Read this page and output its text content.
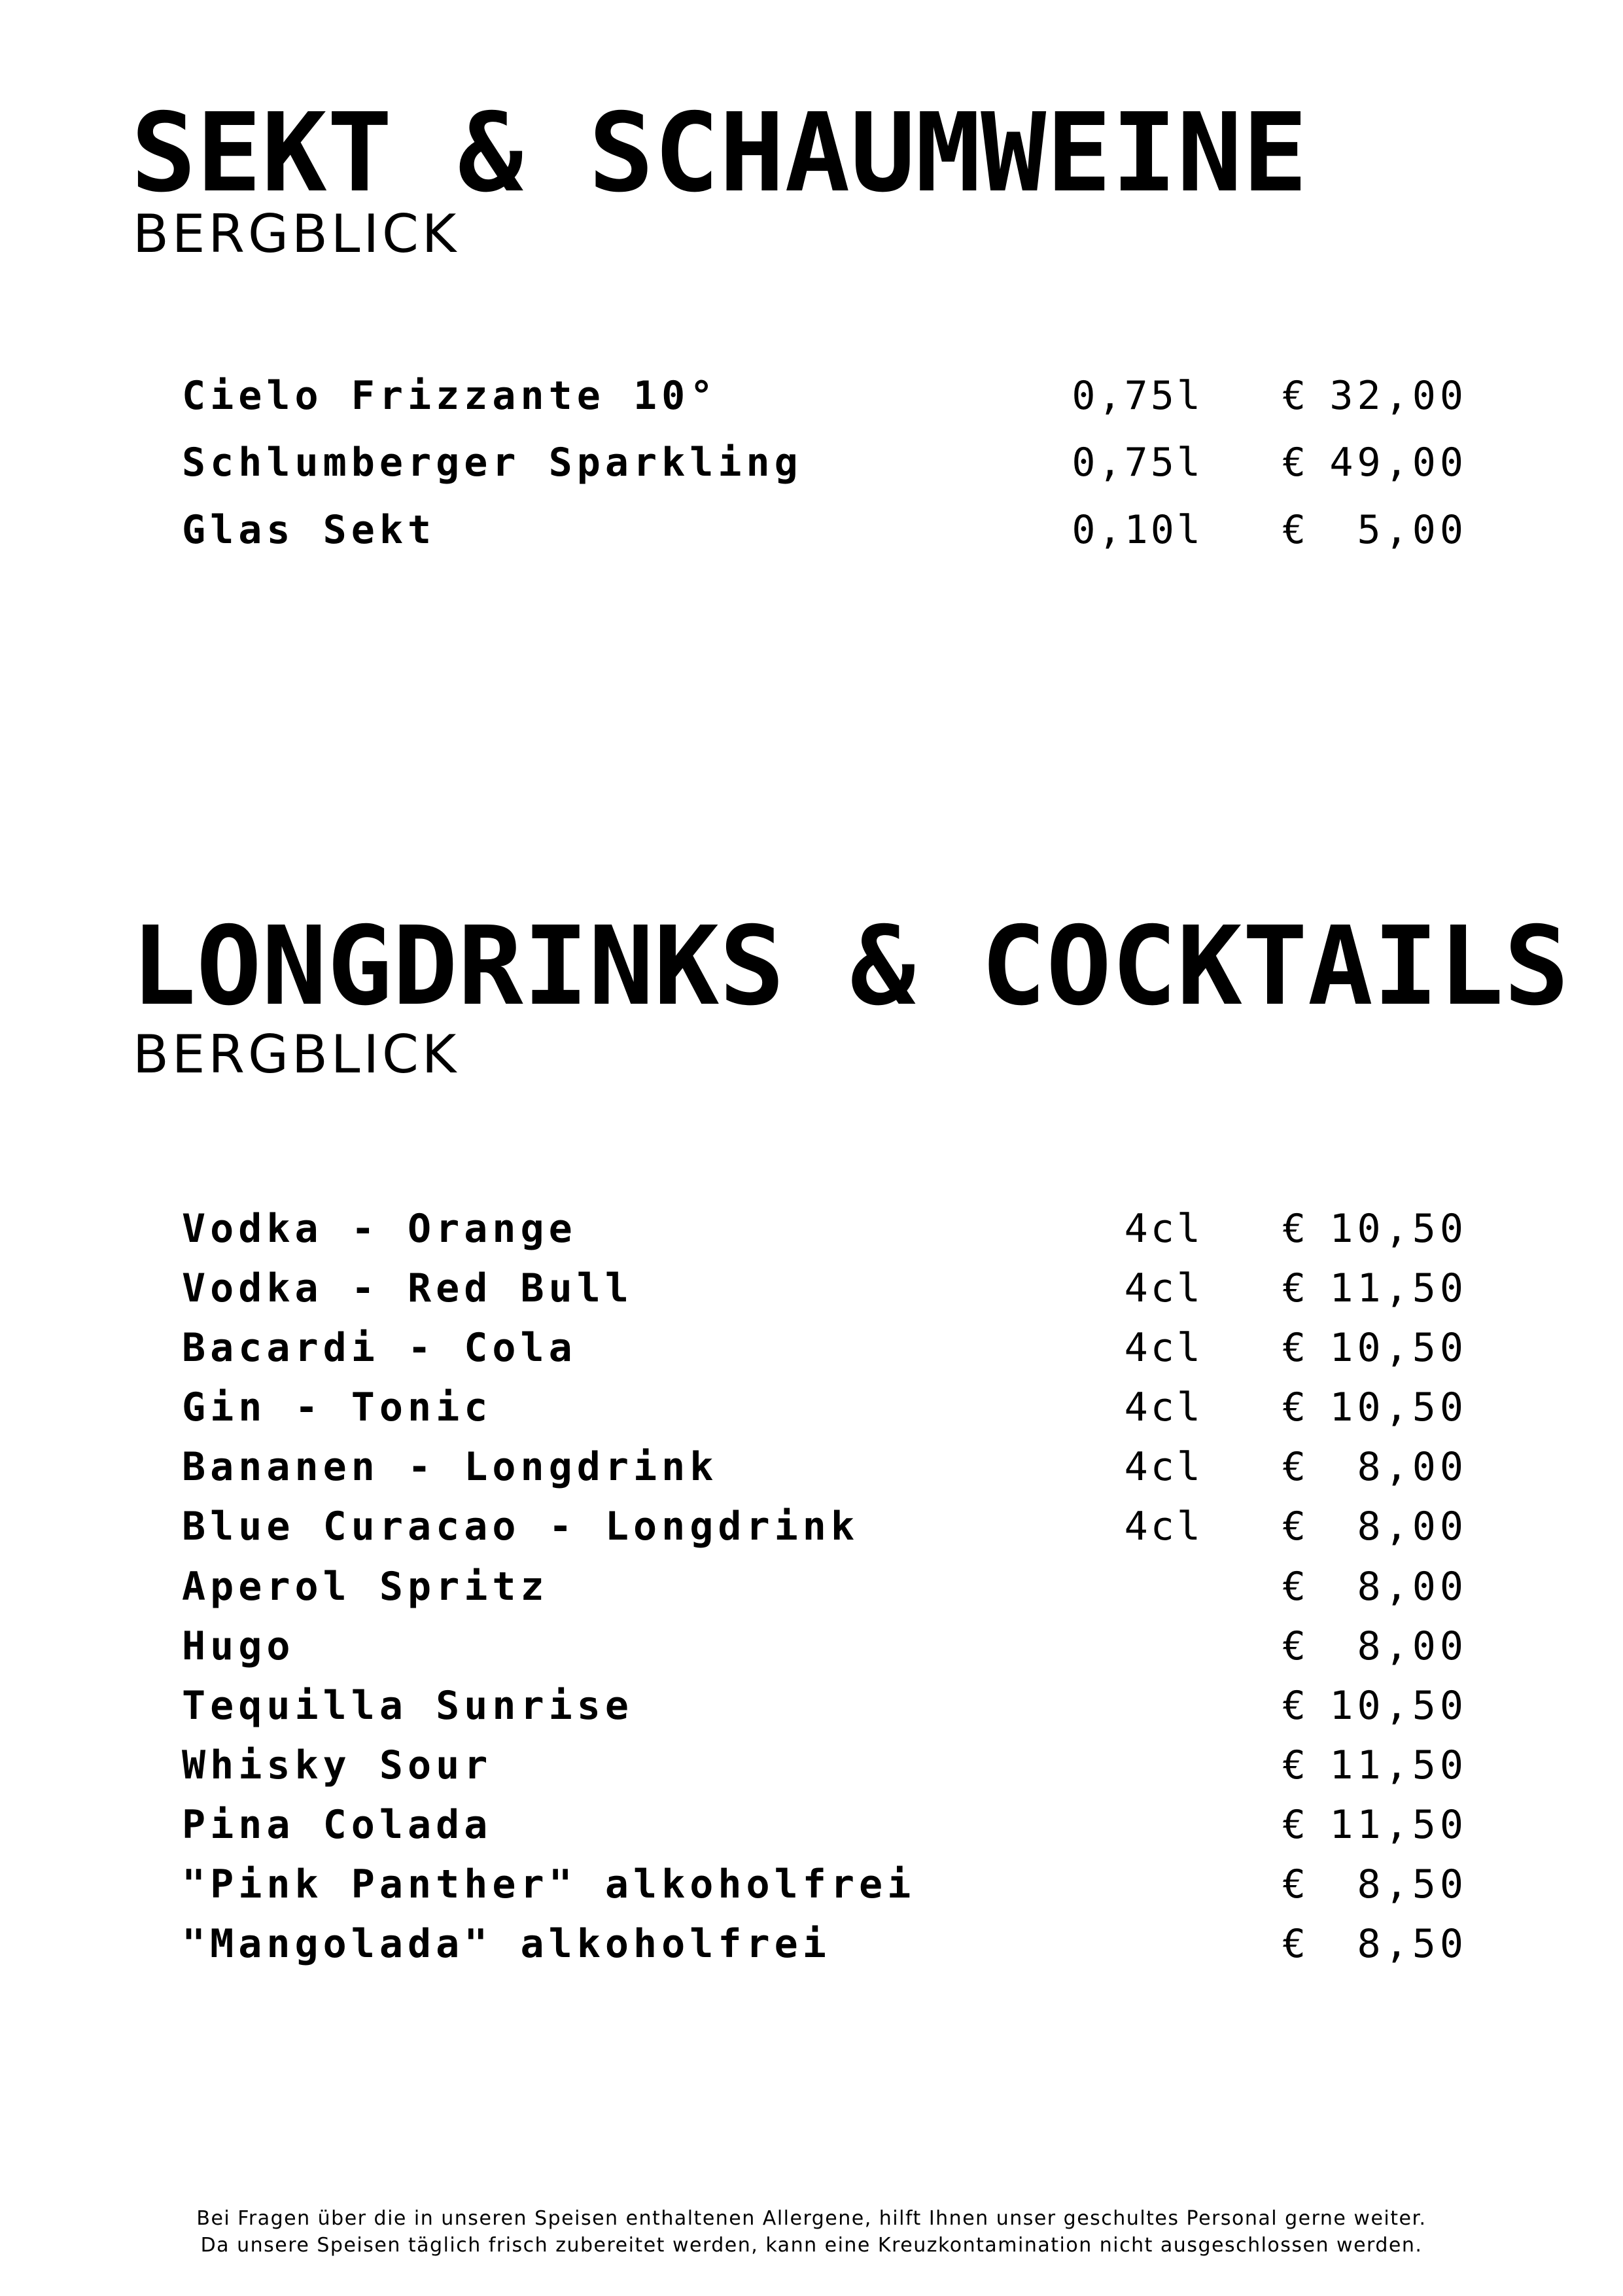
SEKT & SCHAUMWEINE
BERGBLICK
Cielo Frizzante 10°	0,75l € 32,00
Schlumberger Sparkling	0,75l € 49,00
Glas Sekt	0,10l € 5,00
LONGDRINKS & COCKTAILS
BERGBLICK
Vodka - Orange	4cl € 10,50
Vodka - Red Bull	4cl € 11,50
Bacardi - Cola	4cl € 10,50
Gin - Tonic	4cl € 10,50
Bananen - Longdrink	4cl € 8,00
Blue Curacao - Longdrink	4cl € 8,00
Aperol Spritz	€ 8,00
Hugo	€ 8,00
Tequilla Sunrise	€ 10,50
Whisky Sour	€ 11,50
Pina Colada	€ 11,50
"Pink Panther" alkoholfrei	€ 8,50
"Mangolada" alkoholfrei	€ 8,50

Bei Fragen über die in unseren Speisen enthaltenen Allergene, hilft Ihnen unser geschultes Personal gerne weiter.

Da unsere Speisen täglich frisch zubereitet werden, kann eine Kreuzkontamination nicht ausgeschlossen werden.
